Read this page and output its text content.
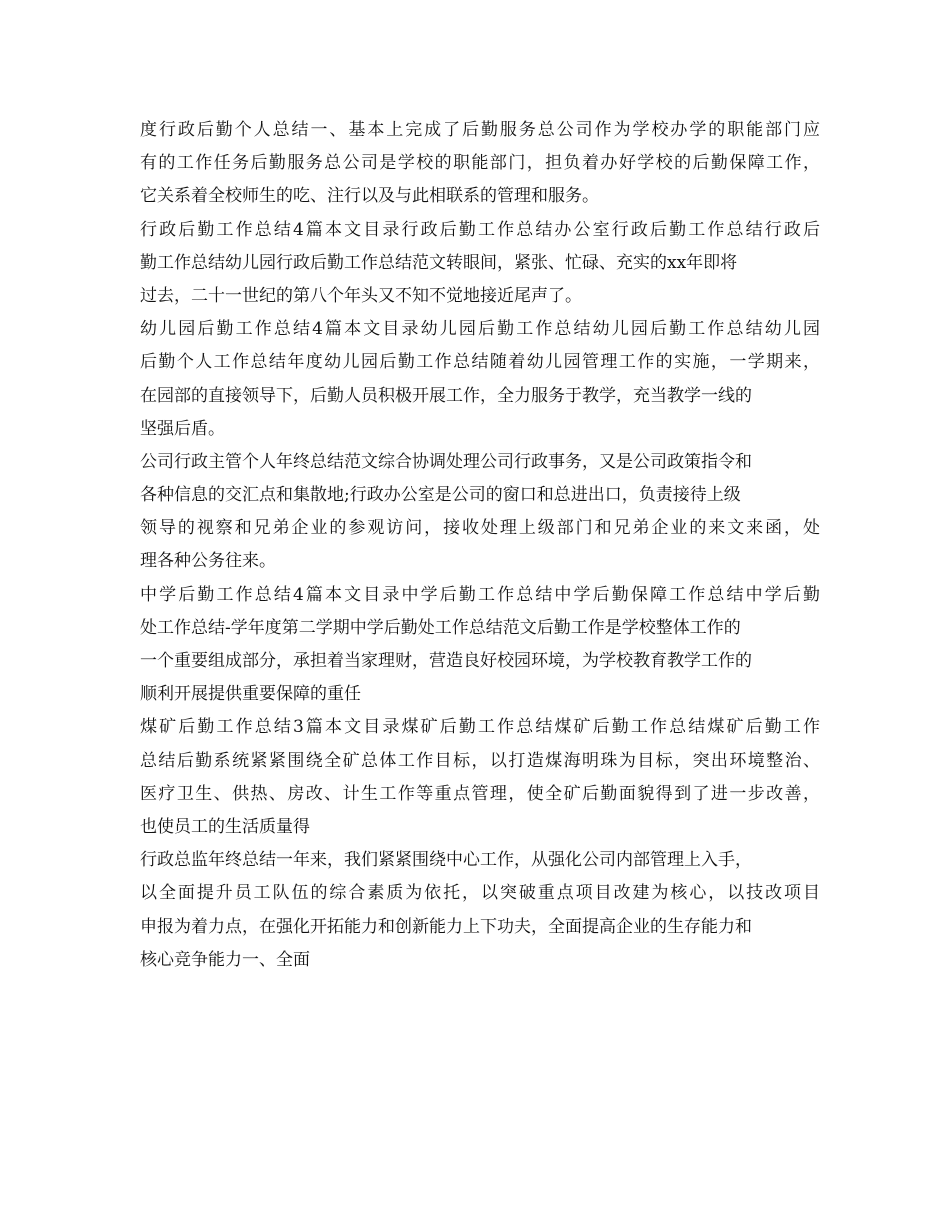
度行政后勤个人总结一、基本上完成了后勤服务总公司作为学校办学的职能部门应
有的工作任务后勤服务总公司是学校的职能部门，担负着办好学校的后勤保障工作，
它关系着全校师生的吃、注行以及与此相联系的管理和服务。
行政后勤工作总结4篇本文目录行政后勤工作总结办公室行政后勤工作总结行政后
勤工作总结幼儿园行政后勤工作总结范文转眼间，紧张、忙碌、充实的xx年即将
过去，二十一世纪的第八个年头又不知不觉地接近尾声了。
幼儿园后勤工作总结4篇本文目录幼儿园后勤工作总结幼儿园后勤工作总结幼儿园
后勤个人工作总结年度幼儿园后勤工作总结随着幼儿园管理工作的实施，一学期来，
在园部的直接领导下，后勤人员积极开展工作，全力服务于教学，充当教学一线的
坚强后盾。
公司行政主管个人年终总结范文综合协调处理公司行政事务，又是公司政策指令和
各种信息的交汇点和集散地;行政办公室是公司的窗口和总进出口，负责接待上级
领导的视察和兄弟企业的参观访问，接收处理上级部门和兄弟企业的来文来函，处
理各种公务往来。
中学后勤工作总结4篇本文目录中学后勤工作总结中学后勤保障工作总结中学后勤
处工作总结-学年度第二学期中学后勤处工作总结范文后勤工作是学校整体工作的
一个重要组成部分，承担着当家理财，营造良好校园环境，为学校教育教学工作的
顺利开展提供重要保障的重任
煤矿后勤工作总结3篇本文目录煤矿后勤工作总结煤矿后勤工作总结煤矿后勤工作
总结后勤系统紧紧围绕全矿总体工作目标，以打造煤海明珠为目标，突出环境整治、
医疗卫生、供热、房改、计生工作等重点管理，使全矿后勤面貌得到了进一步改善，
也使员工的生活质量得
行政总监年终总结一年来，我们紧紧围绕中心工作，从强化公司内部管理上入手，
以全面提升员工队伍的综合素质为依托，以突破重点项目改建为核心，以技改项目
申报为着力点，在强化开拓能力和创新能力上下功夫，全面提高企业的生存能力和
核心竞争能力一、全面
